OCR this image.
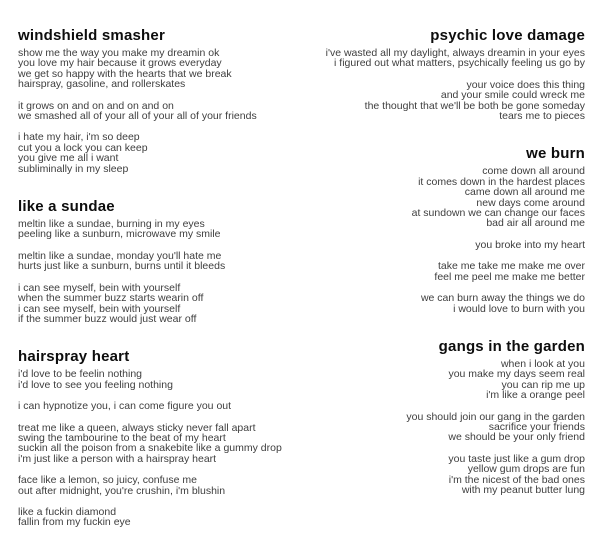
windshield smasher
show me the way you make my dreamin ok
you love my hair because it grows everyday
we get so happy with the hearts that we break
hairspray, gasoline, and rollerskates
it grows on and on and on and on
we smashed all of your all of your all of your friends
i hate my hair, i'm so deep
cut you a lock you can keep
you give me all i want
subliminally in my sleep
like a sundae
meltin like a sundae, burning in my eyes
peeling like a sunburn, microwave my smile
meltin like a sundae, monday you'll hate me
hurts just like a sunburn, burns until it bleeds
i can see myself, bein with yourself
when the summer buzz starts wearin off
i can see myself, bein with yourself
if the summer buzz would just wear off
hairspray heart
i'd love to be feelin nothing
i'd love to see you feeling nothing
i can hypnotize you, i can come figure you out
treat me like a queen, always sticky never fall apart
swing the tambourine to the beat of my heart
suckin all the poison from a snakebite like a gummy drop
i'm just like a person with a hairspray heart
face like a lemon, so juicy, confuse me
out after midnight, you're crushin, i'm blushin
like a fuckin diamond
fallin from my fuckin eye
psychic love damage
i've wasted all my daylight, always dreamin in your eyes
i figured out what matters, psychically feeling us go by
your voice does this thing
and your smile could wreck me
the thought that we'll be both be gone someday
tears me to pieces
we burn
come down all around
it comes down in the hardest places
came down all around me
new days come around
at sundown we can change our faces
bad air all around me
you broke into my heart
take me take me make me over
feel me peel me make me better
we can burn away the things we do
i would love to burn with you
gangs in the garden
when i look at you
you make my days seem real
you can rip me up
i'm like a orange peel
you should join our gang in the garden
sacrifice your friends
we should be your only friend
you taste just like a gum drop
yellow gum drops are fun
i'm the nicest of the bad ones
with my peanut butter lung
